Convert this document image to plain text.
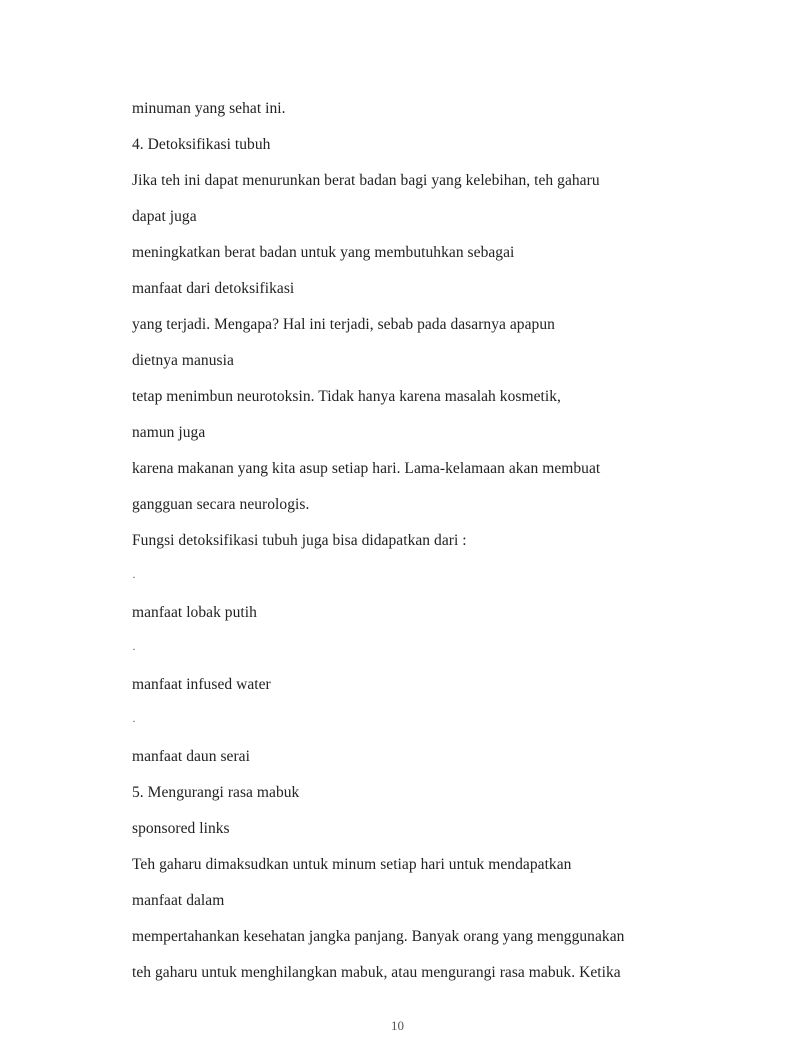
minuman yang sehat ini.
4. Detoksifikasi tubuh
Jika teh ini dapat menurunkan berat badan bagi yang kelebihan, teh gaharu
dapat juga
meningkatkan berat badan untuk yang membutuhkan sebagai
manfaat dari detoksifikasi
yang terjadi. Mengapa? Hal ini terjadi, sebab pada dasarnya apapun
dietnya manusia
tetap menimbun neurotoksin. Tidak hanya karena masalah kosmetik,
namun juga
karena makanan yang kita asup setiap hari. Lama-kelamaan akan membuat
gangguan secara neurologis.
Fungsi detoksifikasi tubuh juga bisa didapatkan dari :
·
manfaat lobak putih
·
manfaat infused water
·
manfaat daun serai
5. Mengurangi rasa mabuk
sponsored links
Teh gaharu dimaksudkan untuk minum setiap hari untuk mendapatkan
manfaat dalam
mempertahankan kesehatan jangka panjang. Banyak orang yang menggunakan
teh gaharu untuk menghilangkan mabuk, atau mengurangi rasa mabuk. Ketika
10
